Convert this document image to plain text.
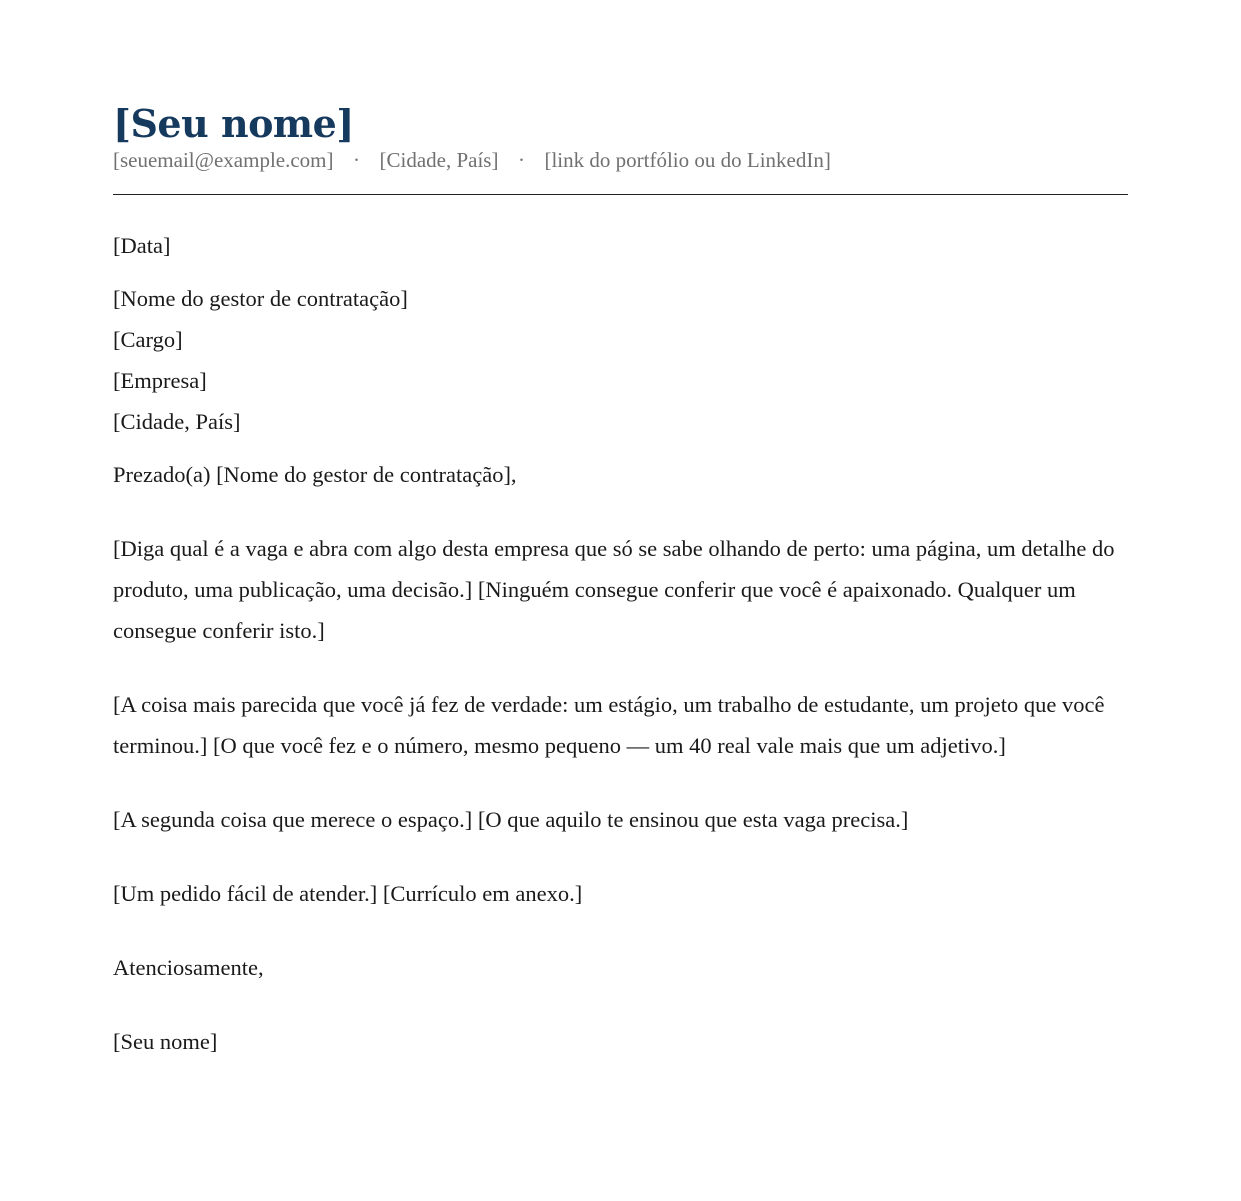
[Seu nome]
[seuemail@example.com] · [Cidade, País] · [link do portfólio ou do LinkedIn]

[Data]

[Nome do gestor de contratação]

[Cargo]

[Empresa]

[Cidade, País]

Prezado(a) [Nome do gestor de contratação],

[Diga qual é a vaga e abra com algo desta empresa que só se sabe olhando de perto: uma página, um detalhe do produto, uma publicação, uma decisão.] [Ninguém consegue conferir que você é apaixonado. Qualquer um consegue conferir isto.]

[A coisa mais parecida que você já fez de verdade: um estágio, um trabalho de estudante, um projeto que você terminou.] [O que você fez e o número, mesmo pequeno — um 40 real vale mais que um adjetivo.]

[A segunda coisa que merece o espaço.] [O que aquilo te ensinou que esta vaga precisa.]

[Um pedido fácil de atender.] [Currículo em anexo.]

Atenciosamente,

[Seu nome]
